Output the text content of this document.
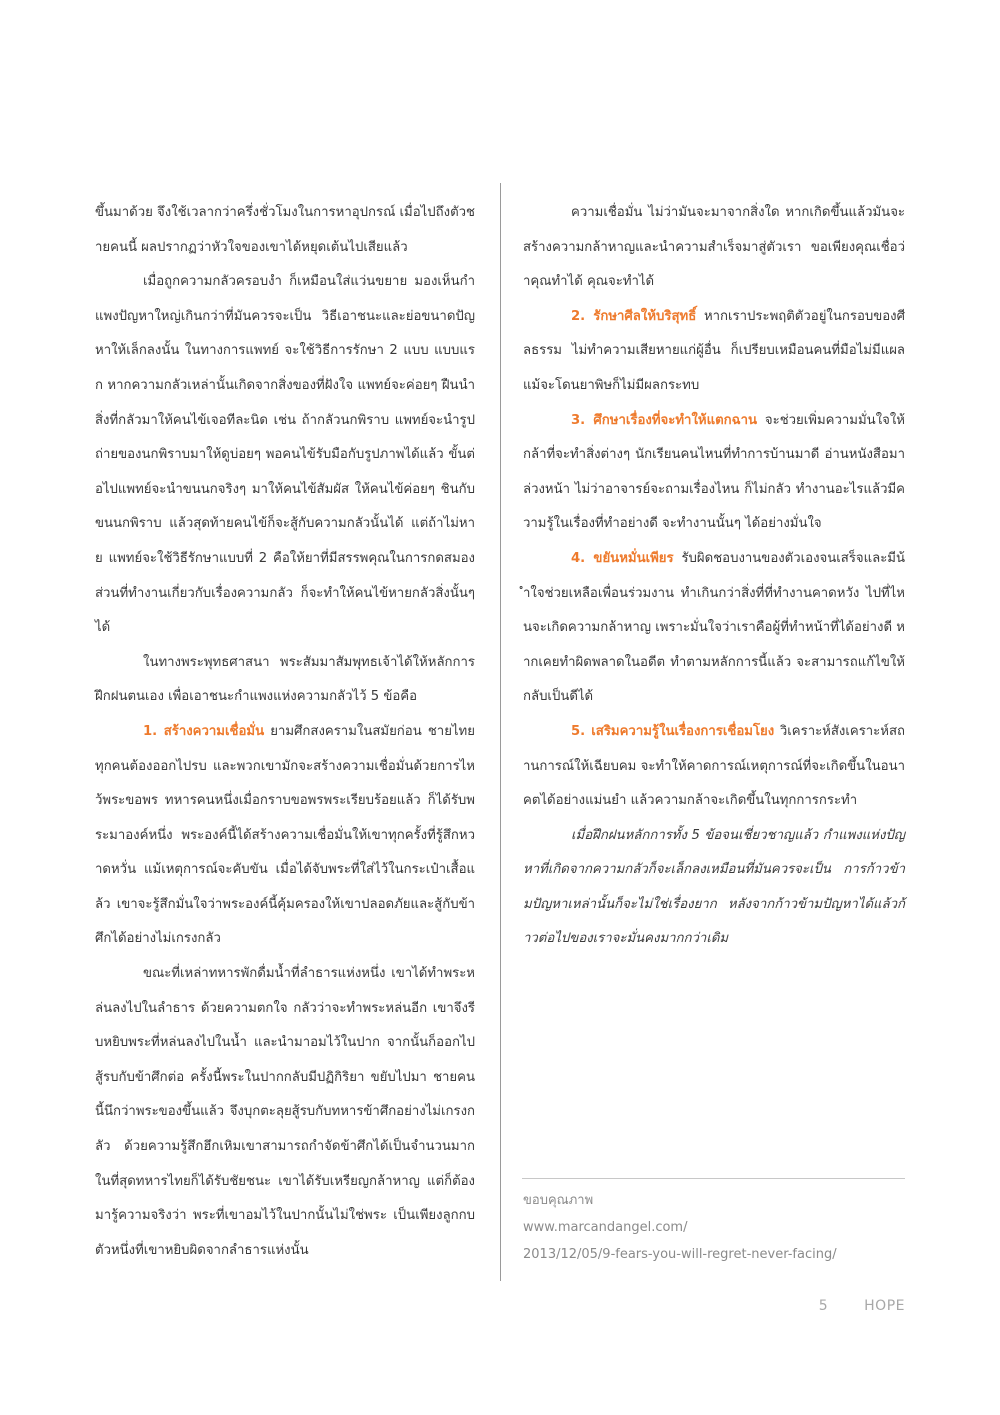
ขึ้นมาด้วย จึงใช้เวลากว่าครึ่งชั่วโมงในการหาอุปกรณ์ เมื่อไปถึงตัวชายคนนี้ ผลปรากฏว่าหัวใจของเขาได้หยุดเต้นไปเสียแล้ว

เมื่อถูกความกลัวครอบงำ ก็เหมือนใส่แว่นขยาย มองเห็นกำแพงปัญหาใหญ่เกินกว่าที่มันควรจะเป็น วิธีเอาชนะและย่อขนาดปัญหาให้เล็กลงนั้น ในทางการแพทย์ จะใช้วิธีการรักษา 2 แบบ แบบแรก หากความกลัวเหล่านั้นเกิดจากสิ่งของที่ฝังใจ แพทย์จะค่อยๆ ฝืนนำสิ่งที่กลัวมาให้คนไข้เจอทีละนิด เช่น ถ้ากลัวนกพิราบ แพทย์จะนำรูปถ่ายของนกพิราบมาให้ดูบ่อยๆ พอคนไข้รับมือกับรูปภาพได้แล้ว ขั้นต่อไปแพทย์จะนำขนนกจริงๆ มาให้คนไข้สัมผัส ให้คนไข้ค่อยๆ ชินกับขนนกพิราบ แล้วสุดท้ายคนไข้ก็จะสู้กับความกลัวนั้นได้ แต่ถ้าไม่หาย แพทย์จะใช้วิธีรักษาแบบที่ 2 คือให้ยาที่มีสรรพคุณในการกดสมอง ส่วนที่ทำงานเกี่ยวกับเรื่องความกลัว ก็จะทำให้คนไข้หายกลัวสิ่งนั้นๆ ได้

ในทางพระพุทธศาสนา พระสัมมาสัมพุทธเจ้าได้ให้หลักการฝึกฝนตนเอง เพื่อเอาชนะกำแพงแห่งความกลัวไว้ 5 ข้อคือ

1. สร้างความเชื่อมั่น ยามศึกสงครามในสมัยก่อน ชายไทยทุกคนต้องออกไปรบ และพวกเขามักจะสร้างความเชื่อมั่นด้วยการไหว้พระขอพร ทหารคนหนึ่งเมื่อกราบขอพรพระเรียบร้อยแล้ว ก็ได้รับพระมาองค์หนึ่ง พระองค์นี้ได้สร้างความเชื่อมั่นให้เขาทุกครั้งที่รู้สึกหวาดหวั่น แม้เหตุการณ์จะคับขัน เมื่อได้จับพระที่ใส่ไว้ในกระเป๋าเสื้อแล้ว เขาจะรู้สึกมั่นใจว่าพระองค์นี้คุ้มครองให้เขาปลอดภัยและสู้กับข้าศึกได้อย่างไม่เกรงกลัว

ขณะที่เหล่าทหารพักดื่มน้ำที่ลำธารแห่งหนึ่ง เขาได้ทำพระหล่นลงไปในลำธาร ด้วยความตกใจ กลัวว่าจะทำพระหล่นอีก เขาจึงรีบหยิบพระที่หล่นลงไปในน้ำ และนำมาอมไว้ในปาก จากนั้นก็ออกไปสู้รบกับข้าศึกต่อ ครั้งนี้พระในปากกลับมีปฏิกิริยา ขยับไปมา ชายคนนี้นึกว่าพระของขึ้นแล้ว จึงบุกตะลุยสู้รบกับทหารข้าศึกอย่างไม่เกรงกลัว ด้วยความรู้สึกฮึกเหิมเขาสามารถกำจัดข้าศึกได้เป็นจำนวนมาก ในที่สุดทหารไทยก็ได้รับชัยชนะ เขาได้รับเหรียญกล้าหาญ แต่ก็ต้องมารู้ความจริงว่า พระที่เขาอมไว้ในปากนั้นไม่ใช่พระ เป็นเพียงลูกกบตัวหนึ่งที่เขาหยิบผิดจากลำธารแห่งนั้น

ความเชื่อมั่น ไม่ว่ามันจะมาจากสิ่งใด หากเกิดขึ้นแล้วมันจะสร้างความกล้าหาญและนำความสำเร็จมาสู่ตัวเรา ขอเพียงคุณเชื่อว่าคุณทำได้ คุณจะทำได้

2. รักษาศีลให้บริสุทธิ์ หากเราประพฤติตัวอยู่ในกรอบของศีลธรรม ไม่ทำความเสียหายแก่ผู้อื่น ก็เปรียบเหมือนคนที่มือไม่มีแผล แม้จะโดนยาพิษก็ไม่มีผลกระทบ

3. ศึกษาเรื่องที่จะทำให้แตกฉาน จะช่วยเพิ่มความมั่นใจให้กล้าที่จะทำสิ่งต่างๆ นักเรียนคนไหนที่ทำการบ้านมาดี อ่านหนังสือมาล่วงหน้า ไม่ว่าอาจารย์จะถามเรื่องไหน ก็ไม่กลัว ทำงานอะไรแล้วมีความรู้ในเรื่องที่ทำอย่างดี จะทำงานนั้นๆ ได้อย่างมั่นใจ

4. ขยันหมั่นเพียร รับผิดชอบงานของตัวเองจนเสร็จและมีน้ำใจช่วยเหลือเพื่อนร่วมงาน ทำเกินกว่าสิ่งที่ที่ทำงานคาดหวัง ไปที่ไหนจะเกิดความกล้าหาญ เพราะมั่นใจว่าเราคือผู้ที่ทำหน้าที่ได้อย่างดี หากเคยทำผิดพลาดในอดีต ทำตามหลักการนี้แล้ว จะสามารถแก้ไขให้กลับเป็นดีได้

5. เสริมความรู้ในเรื่องการเชื่อมโยง วิเคราะห์สังเคราะห์สถานการณ์ให้เฉียบคม จะทำให้คาดการณ์เหตุการณ์ที่จะเกิดขึ้นในอนาคตได้อย่างแม่นยำ แล้วความกล้าจะเกิดขึ้นในทุกการกระทำ

เมื่อฝึกฝนหลักการทั้ง 5 ข้อจนเชี่ยวชาญแล้ว กำแพงแห่งปัญหาที่เกิดจากความกลัวก็จะเล็กลงเหมือนที่มันควรจะเป็น การก้าวข้ามปัญหาเหล่านั้นก็จะไม่ใช่เรื่องยาก หลังจากก้าวข้ามปัญหาได้แล้วก้าวต่อไปของเราจะมั่นคงมากกว่าเดิม

ขอบคุณภาพ
www.marcandangel.com/
2013/12/05/9-fears-you-will-regret-never-facing/
5	HOPE
